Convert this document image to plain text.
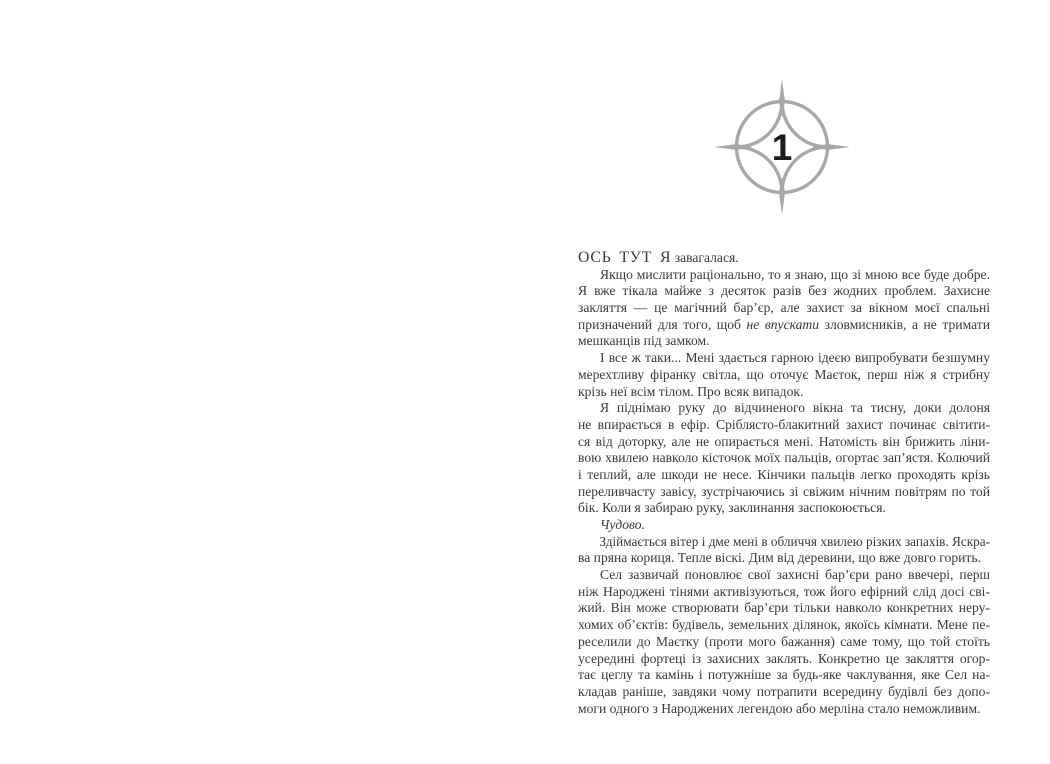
1
ОСЬ ТУТ Я завагалася.
Якщо мислити раціонально, то я знаю, що зі мною все буде добре.
Я вже тікала майже з десяток разів без жодних проблем. Захисне
закляття — це магічний бар’єр, але захист за вікном моєї спальні
призначений для того, щоб не впускати зловмисників, а не тримати
мешканців під замком.
І все ж таки... Мені здається гарною ідеєю випробувати безшумну
мерехтливу фіранку світла, що оточує Маєток, перш ніж я стрибну
крізь неї всім тілом. Про всяк випадок.
Я піднімаю руку до відчиненого вікна та тисну, доки долоня
не впирається в ефір. Сріблясто-блакитний захист починає світити-
ся від доторку, але не опирається мені. Натомість він брижить ліни-
вою хвилею навколо кісточок моїх пальців, огортає зап’ястя. Колючий
і теплий, але шкоди не несе. Кінчики пальців легко проходять крізь
переливчасту завісу, зустрічаючись зі свіжим нічним повітрям по той
бік. Коли я забираю руку, заклинання заспокоюється.
Чудово.
Здіймається вітер і дме мені в обличчя хвилею різких запахів. Яскра-
ва пряна кориця. Тепле віскі. Дим від деревини, що вже довго горить.
Сел зазвичай поновлює свої захисні бар’єри рано ввечері, перш
ніж Народжені тінями активізуються, тож його ефірний слід досі сві-
жий. Він може створювати бар’єри тільки навколо конкретних неру-
хомих об’єктів: будівель, земельних ділянок, якоїсь кімнати. Мене пе-
реселили до Маєтку (проти мого бажання) саме тому, що той стоїть
усередині фортеці із захисних заклять. Конкретно це закляття огор-
тає цеглу та камінь і потужніше за будь-яке чаклування, яке Сел на-
кладав раніше, завдяки чому потрапити всередину будівлі без допо-
моги одного з Народжених легендою або мерліна стало неможливим.
